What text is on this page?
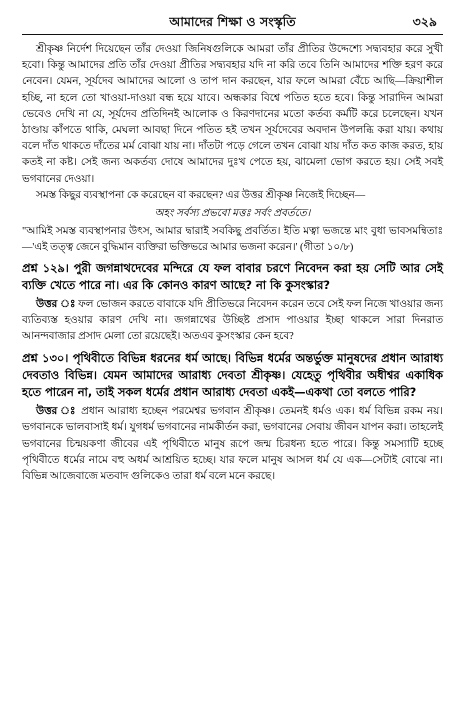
আমাদের শিক্ষা ও সংস্কৃতি	৩২৯

শ্রীকৃষ্ণ নির্দেশ দিয়েছেন তাঁর দেওয়া জিনিষগুলিকে আমরা তাঁর প্রীতির উদ্দেশ্যে সদ্ব্যবহার করে সুখী হবো। কিন্তু আমাদের প্রতি তাঁর দেওয়া প্রীতির সদ্ব্যবহার যদি না করি তবে তিনি আমাদের শক্তি হরণ করে নেবেন। যেমন, সূর্যদেব আমাদের আলো ও তাপ দান করছেন, যার ফলে আমরা বেঁচে আছি—ক্রিয়াশীল হচ্ছি, না হলে তো খাওয়া-দাওয়া বন্ধ হয়ে যাবে। অন্ধকার বিশ্বে পতিত হতে হবে। কিন্তু সারাদিন আমরা ভেবেও দেখি না যে, সূর্যদেব প্রতিদিনই আলোক ও কিরণদানের মতো কর্তব্য কর্মটি করে চলেছেন। যখন ঠাণ্ডায় কাঁপতে থাকি, মেঘলা আবছা দিনে পতিত হই তখন সূর্যদেবের অবদান উপলব্ধি করা যায়। কথায় বলে দাঁত থাকতে দাঁতের মর্ম বোঝা যায় না। দাঁতটা পড়ে গেলে তখন বোঝা যায় দাঁত কত কাজ করত, হায় কতই না কষ্ট। সেই জন্য অকর্তব্য দোষে আমাদের দুঃখ পেতে হয়, ঝামেলা ভোগ করতে হয়। সেই সবই ভগবানের দেওয়া।

সমস্ত কিছুর ব্যবস্থাপনা কে করেছেন বা করছেন? এর উত্তর শ্রীকৃষ্ণ নিজেই দিচ্ছেন—

অহং সর্বস্য প্রভবো মত্তঃ সর্বং প্রবর্ততে।

"আমিই সমস্ত ব্যবস্থাপনার উৎস, আমার দ্বারাই সবকিছু প্রবর্তিত। ইতি মত্বা ভজন্তে মাং বুধা ভাবসমন্বিতাঃ—'এই তত্ত্ব জেনে বুদ্ধিমান ব্যক্তিরা ভক্তিভরে আমার ভজনা করেন।' (গীতা ১০/৮)

প্রশ্ন ১২৯। পুরী জগন্নাথদেবের মন্দিরে যে ফল বাবার চরণে নিবেদন করা হয় সেটি আর সেই ব্যক্তি খেতে পারে না। এর কি কোনও কারণ আছে? না কি কুসংস্কার?

উত্তর ঃ ফল ভোজন করতে বাবাকে যদি প্রীতিভরে নিবেদন করেন তবে সেই ফল নিজে খাওয়ার জন্য ব্যতিব্যস্ত হওয়ার কারণ দেখি না। জগন্নাথের উচ্ছিষ্ট প্রসাদ পাওয়ার ইচ্ছা থাকলে সারা দিনরাত আনন্দবাজার প্রসাদ মেলা তো রয়েছেই। অতএব কুসংস্কার কেন হবে?

প্রশ্ন ১৩০। পৃথিবীতে বিভিন্ন ধরনের ধর্ম আছে। বিভিন্ন ধর্মের অন্তর্ভুক্ত মানুষদের প্রধান আরাধ্য দেবতাও বিভিন্ন। যেমন আমাদের আরাধ্য দেবতা শ্রীকৃষ্ণ। যেহেতু পৃথিবীর অধীশ্বর একাধিক হতে পারেন না, তাই সকল ধর্মের প্রধান আরাধ্য দেবতা একই—একথা তো বলতে পারি?

উত্তর ঃ প্রধান আরাধ্য হচ্ছেন পরমেশ্বর ভগবান শ্রীকৃষ্ণ। তেমনই ধর্মও এক। ধর্ম বিভিন্ন রকম নয়। ভগবানকে ভালবাসাই ধর্ম। যুগধর্ম ভগবানের নামকীর্তন করা, ভগবানের সেবায় জীবন যাপন করা। তাহলেই ভগবানের চিন্ময়কণা জীবের এই পৃথিবীতে মানুষ রূপে জন্ম চিরধন্য হতে পারে। কিন্তু সমস্যাটি হচ্ছে পৃথিবীতে ধর্মের নামে বহু অধর্ম আশ্রয়িত হচ্ছে। যার ফলে মানুষ আসল ধর্ম যে এক—সেটাই বোঝে না। বিভিন্ন আজেবাজে মতবাদ গুলিকেও তারা ধর্ম বলে মনে করছে।
